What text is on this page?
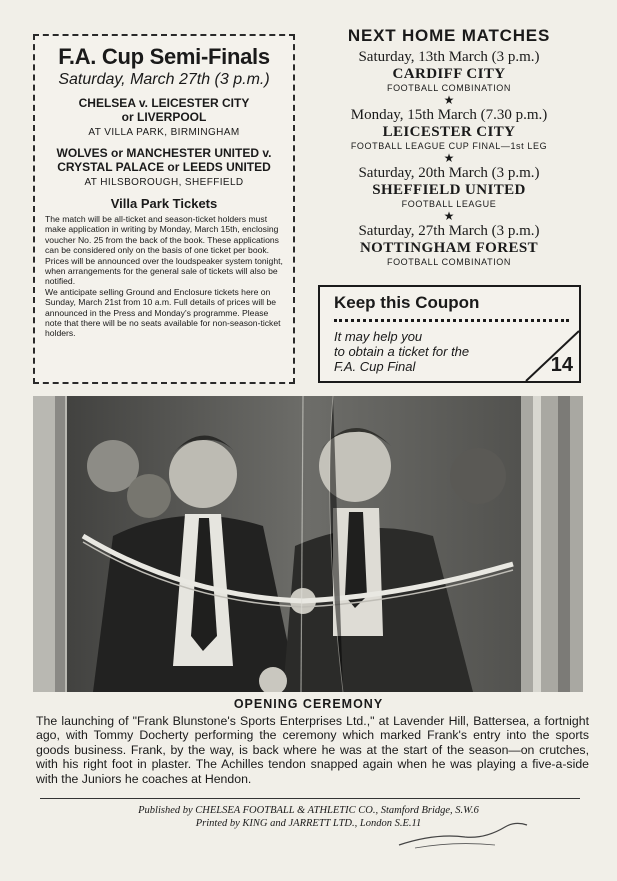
F.A. Cup Semi-Finals
Saturday, March 27th (3 p.m.)
CHELSEA v. LEICESTER CITY
or LIVERPOOL
AT VILLA PARK, BIRMINGHAM
WOLVES or MANCHESTER UNITED v.
CRYSTAL PALACE or LEEDS UNITED
AT HILSBOROUGH, SHEFFIELD
Villa Park Tickets
The match will be all-ticket and season-ticket holders must make application in writing by Monday, March 15th, enclosing voucher No. 25 from the back of the book. These applications can be considered only on the basis of one ticket per book. Prices will be announced over the loudspeaker system tonight, when arrangements for the general sale of tickets will also be notified.
We anticipate selling Ground and Enclosure tickets here on Sunday, March 21st from 10 a.m. Full details of prices will be announced in the Press and Monday's programme. Please note that there will be no seats available for non-season-ticket holders.
NEXT HOME MATCHES
Saturday, 13th March (3 p.m.)
CARDIFF CITY
FOOTBALL COMBINATION
★
Monday, 15th March (7.30 p.m.)
LEICESTER CITY
FOOTBALL LEAGUE CUP FINAL—1st LEG
★
Saturday, 20th March (3 p.m.)
SHEFFIELD UNITED
FOOTBALL LEAGUE
★
Saturday, 27th March (3 p.m.)
NOTTINGHAM FOREST
FOOTBALL COMBINATION
Keep this Coupon
It may help you
to obtain a ticket for the
F.A. Cup Final	14
OPENING CEREMONY
The launching of "Frank Blunstone's Sports Enterprises Ltd.," at Lavender Hill, Battersea, a fortnight ago, with Tommy Docherty performing the ceremony which marked Frank's entry into the sports goods business. Frank, by the way, is back where he was at the start of the season—on crutches, with his right foot in plaster. The Achilles tendon snapped again when he was playing a five-a-side with the Juniors he coaches at Hendon.
Published by CHELSEA FOOTBALL & ATHLETIC CO., Stamford Bridge, S.W.6
Printed by KING and JARRETT LTD., London S.E.11
